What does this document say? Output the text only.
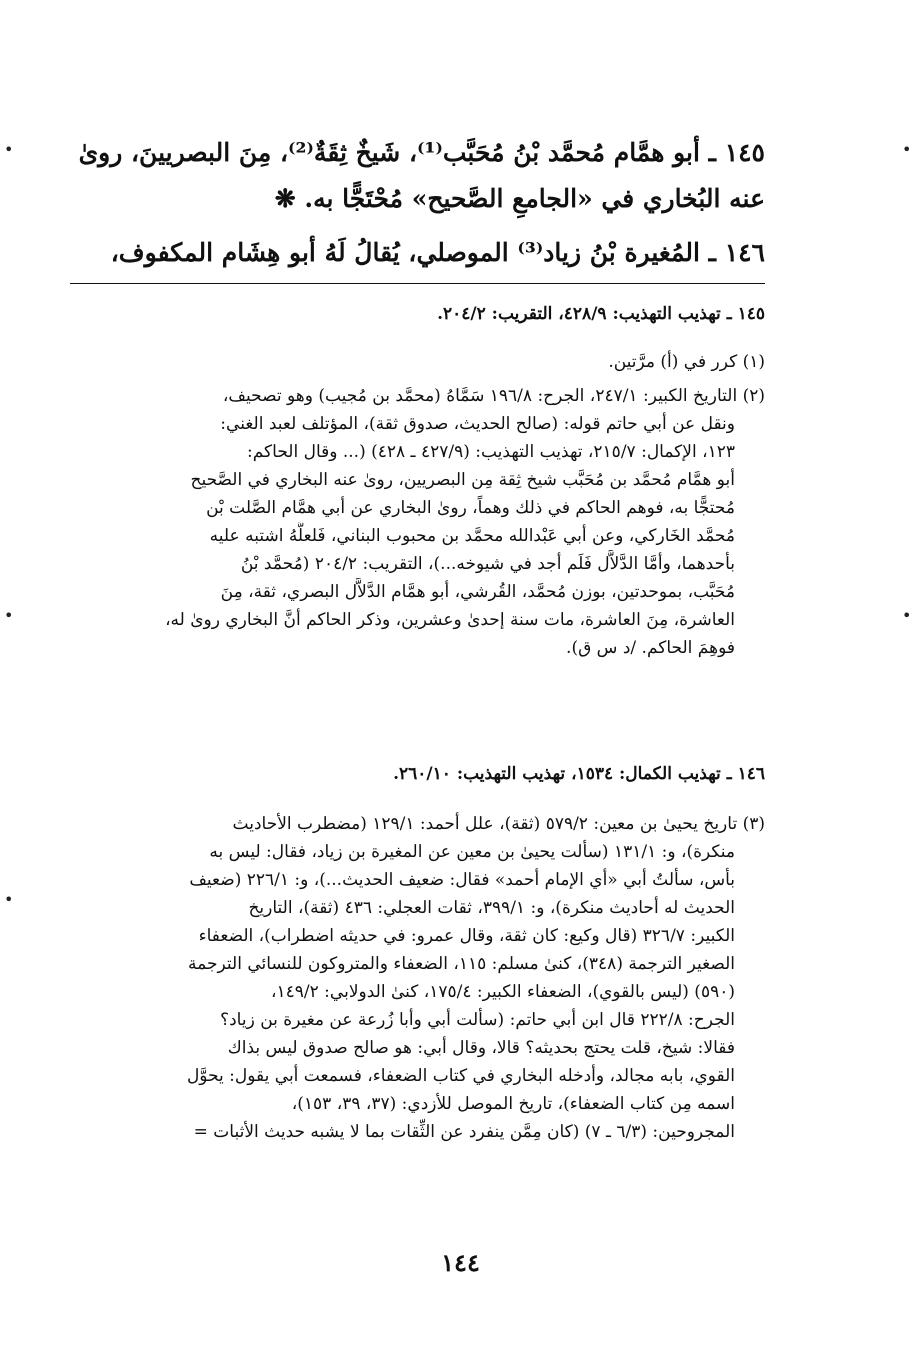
•
•
•
•
•
١٤٥ ـ أبو همَّام مُحمَّد بْنُ مُحَبَّب⁽¹⁾، شَيخٌ ثِقَةٌ⁽²⁾، مِنَ البصريينَ، روىٰ
عنه البُخاري في «الجامعِ الصَّحيح» مُحْتَجًّا به. ❋
١٤٦ ـ المُغيرة بْنُ زياد⁽³⁾ الموصلي، يُقالُ لَهُ أبو هِشَام المكفوف،
١٤٥ ـ تهذيب التهذيب: ٤٢٨/٩، التقريب: ٢٠٤/٢.
(١) كرر في (أ) مرَّتين.
(٢) التاريخ الكبير: ٢٤٧/١، الجرح: ١٩٦/٨ سَمَّاهُ (محمَّد بن مُجيب) وهو تصحيف،
ونقل عن أبي حاتم قوله: (صالح الحديث، صدوق ثقة)، المؤتلف لعبد الغني:
١٢٣، الإكمال: ٢١٥/٧، تهذيب التهذيب: (٤٢٧/٩ ـ ٤٢٨) (... وقال الحاكم:
أبو همَّام مُحمَّد بن مُحَبَّب شيخ ثِقة مِن البصريين، روىٰ عنه البخاري في الصَّحيح
مُحتجًّا به، فوهم الحاكم في ذلك وهماً، روىٰ البخاري عن أبي همَّام الصَّلت بْن
مُحمَّد الخَاركي، وعن أبي عَبْدالله محمَّد بن محبوب البناني، فَلعلَّهُ اشتبه عليه
بأحدهما، وأمَّا الدَّلاَّل فَلَم أجد في شيوخه...)، التقريب: ٢٠٤/٢ (مُحمَّد بْنُ
مُحَبَّب، بموحدتين، بوزن مُحمَّد، القُرشي، أبو همَّام الدَّلاَّل البصري، ثقة، مِنَ
العاشرة، مِنَ العاشرة، مات سنة إحدىٰ وعشرين، وذكر الحاكم أنَّ البخاري روىٰ له،
فوهِمَ الحاكم. /د س ق).
١٤٦ ـ تهذيب الكمال: ١٥٣٤، تهذيب التهذيب: ٢٦٠/١٠.
(٣) تاريخ يحيىٰ بن معين: ٥٧٩/٢ (ثقة)، علل أحمد: ١٢٩/١ (مضطرب الأحاديث
منكرة)، و: ١٣١/١ (سألت يحيىٰ بن معين عن المغيرة بن زياد، فقال: ليس به
بأس، سألتُ أبي «أي الإمام أحمد» فقال: ضعيف الحديث...)، و: ٢٢٦/١ (ضعيف
الحديث له أحاديث منكرة)، و: ٣٩٩/١، ثقات العجلي: ٤٣٦ (ثقة)، التاريخ
الكبير: ٣٢٦/٧ (قال وكيع: كان ثقة، وقال عمرو: في حديثه اضطراب)، الضعفاء
الصغير الترجمة (٣٤٨)، كنىٰ مسلم: ١١٥، الضعفاء والمتروكون للنسائي الترجمة
(٥٩٠) (ليس بالقوي)، الضعفاء الكبير: ١٧٥/٤، كنىٰ الدولابي: ١٤٩/٢،
الجرح: ٢٢٢/٨ قال ابن أبي حاتم: (سألت أبي وأبا زُرعة عن مغيرة بن زياد؟
فقالا: شيخ، قلت يحتج بحديثه؟ قالا، وقال أبي: هو صالح صدوق ليس بذاك
القوي، بابه مجالد، وأدخله البخاري في كتاب الضعفاء، فسمعت أبي يقول: يحوَّل
اسمه مِن كتاب الضعفاء)، تاريخ الموصل للأزدي: (٣٧، ٣٩، ١٥٣)،
المجروحين: (٦/٣ ـ ٧) (كان مِمَّن ينفرد عن الثِّقات بما لا يشبه حديث الأثبات =
١٤٤
